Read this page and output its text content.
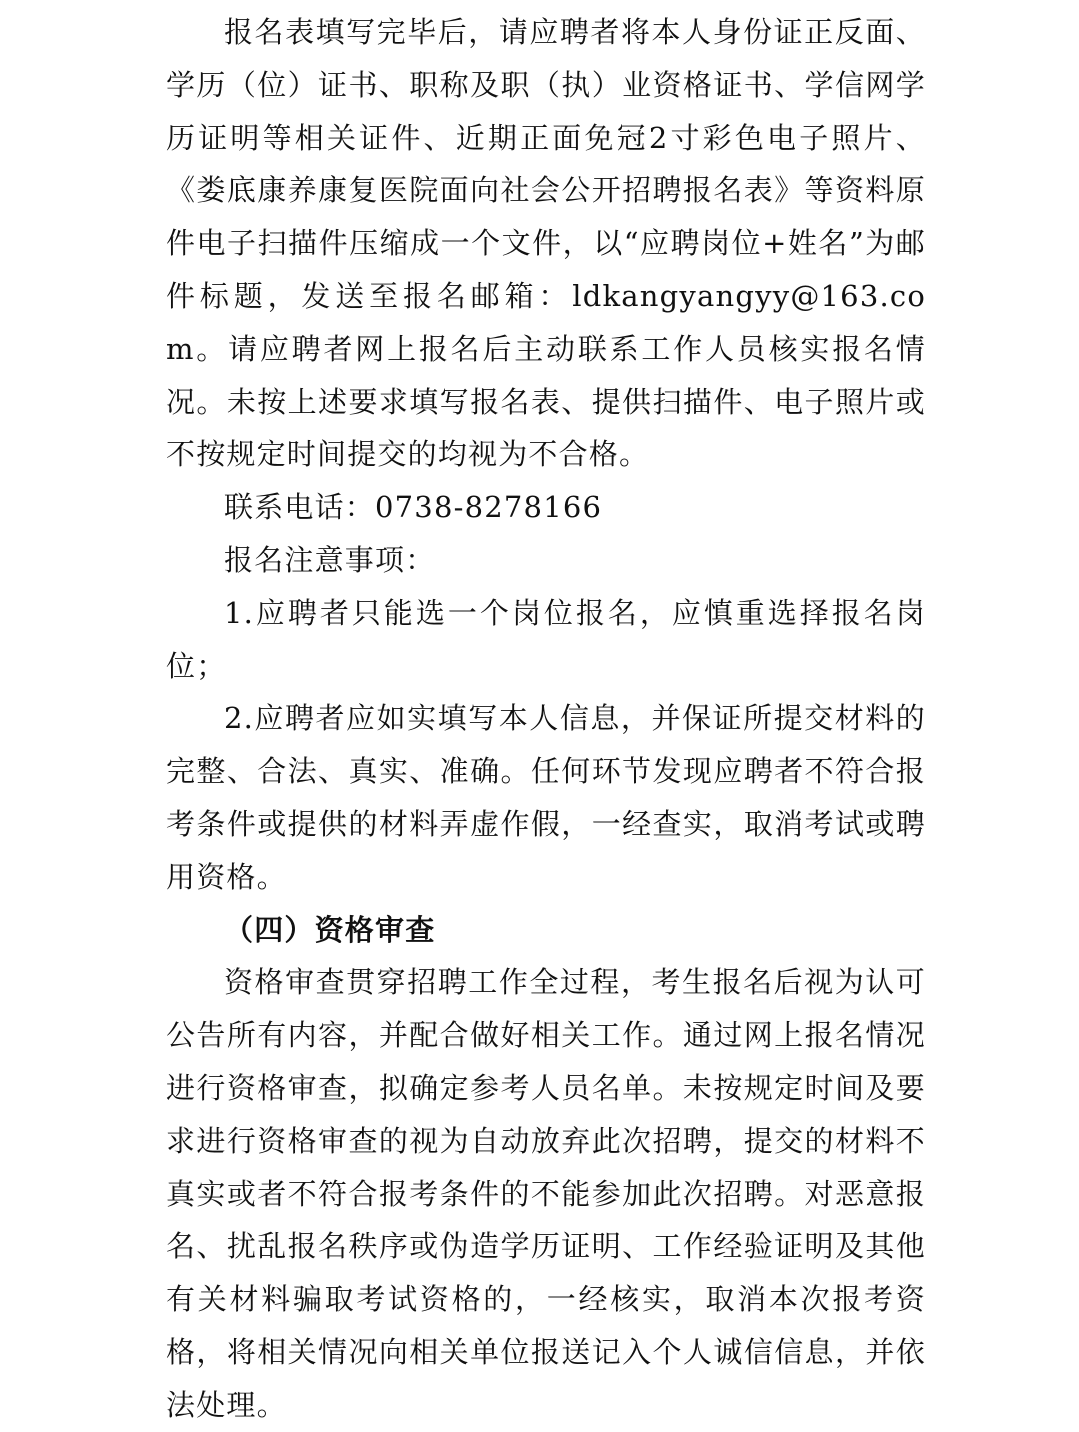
报名表填写完毕后，请应聘者将本人身份证正反面、学历（位）证书、职称及职（执）业资格证书、学信网学历证明等相关证件、近期正面免冠2寸彩色电子照片、《娄底康养康复医院面向社会公开招聘报名表》等资料原件电子扫描件压缩成一个文件，以“应聘岗位+姓名”为邮件标题，发送至报名邮箱：ldkangyangyy@163.com。请应聘者网上报名后主动联系工作人员核实报名情况。未按上述要求填写报名表、提供扫描件、电子照片或不按规定时间提交的均视为不合格。

联系电话：0738-8278166

报名注意事项：

1.应聘者只能选一个岗位报名，应慎重选择报名岗位；

2.应聘者应如实填写本人信息，并保证所提交材料的完整、合法、真实、准确。任何环节发现应聘者不符合报考条件或提供的材料弄虚作假，一经查实，取消考试或聘用资格。

（四）资格审查

资格审查贯穿招聘工作全过程，考生报名后视为认可公告所有内容，并配合做好相关工作。通过网上报名情况进行资格审查，拟确定参考人员名单。未按规定时间及要求进行资格审查的视为自动放弃此次招聘，提交的材料不真实或者不符合报考条件的不能参加此次招聘。对恶意报名、扰乱报名秩序或伪造学历证明、工作经验证明及其他有关材料骗取考试资格的，一经核实，取消本次报考资格，将相关情况向相关单位报送记入个人诚信信息，并依法处理。
